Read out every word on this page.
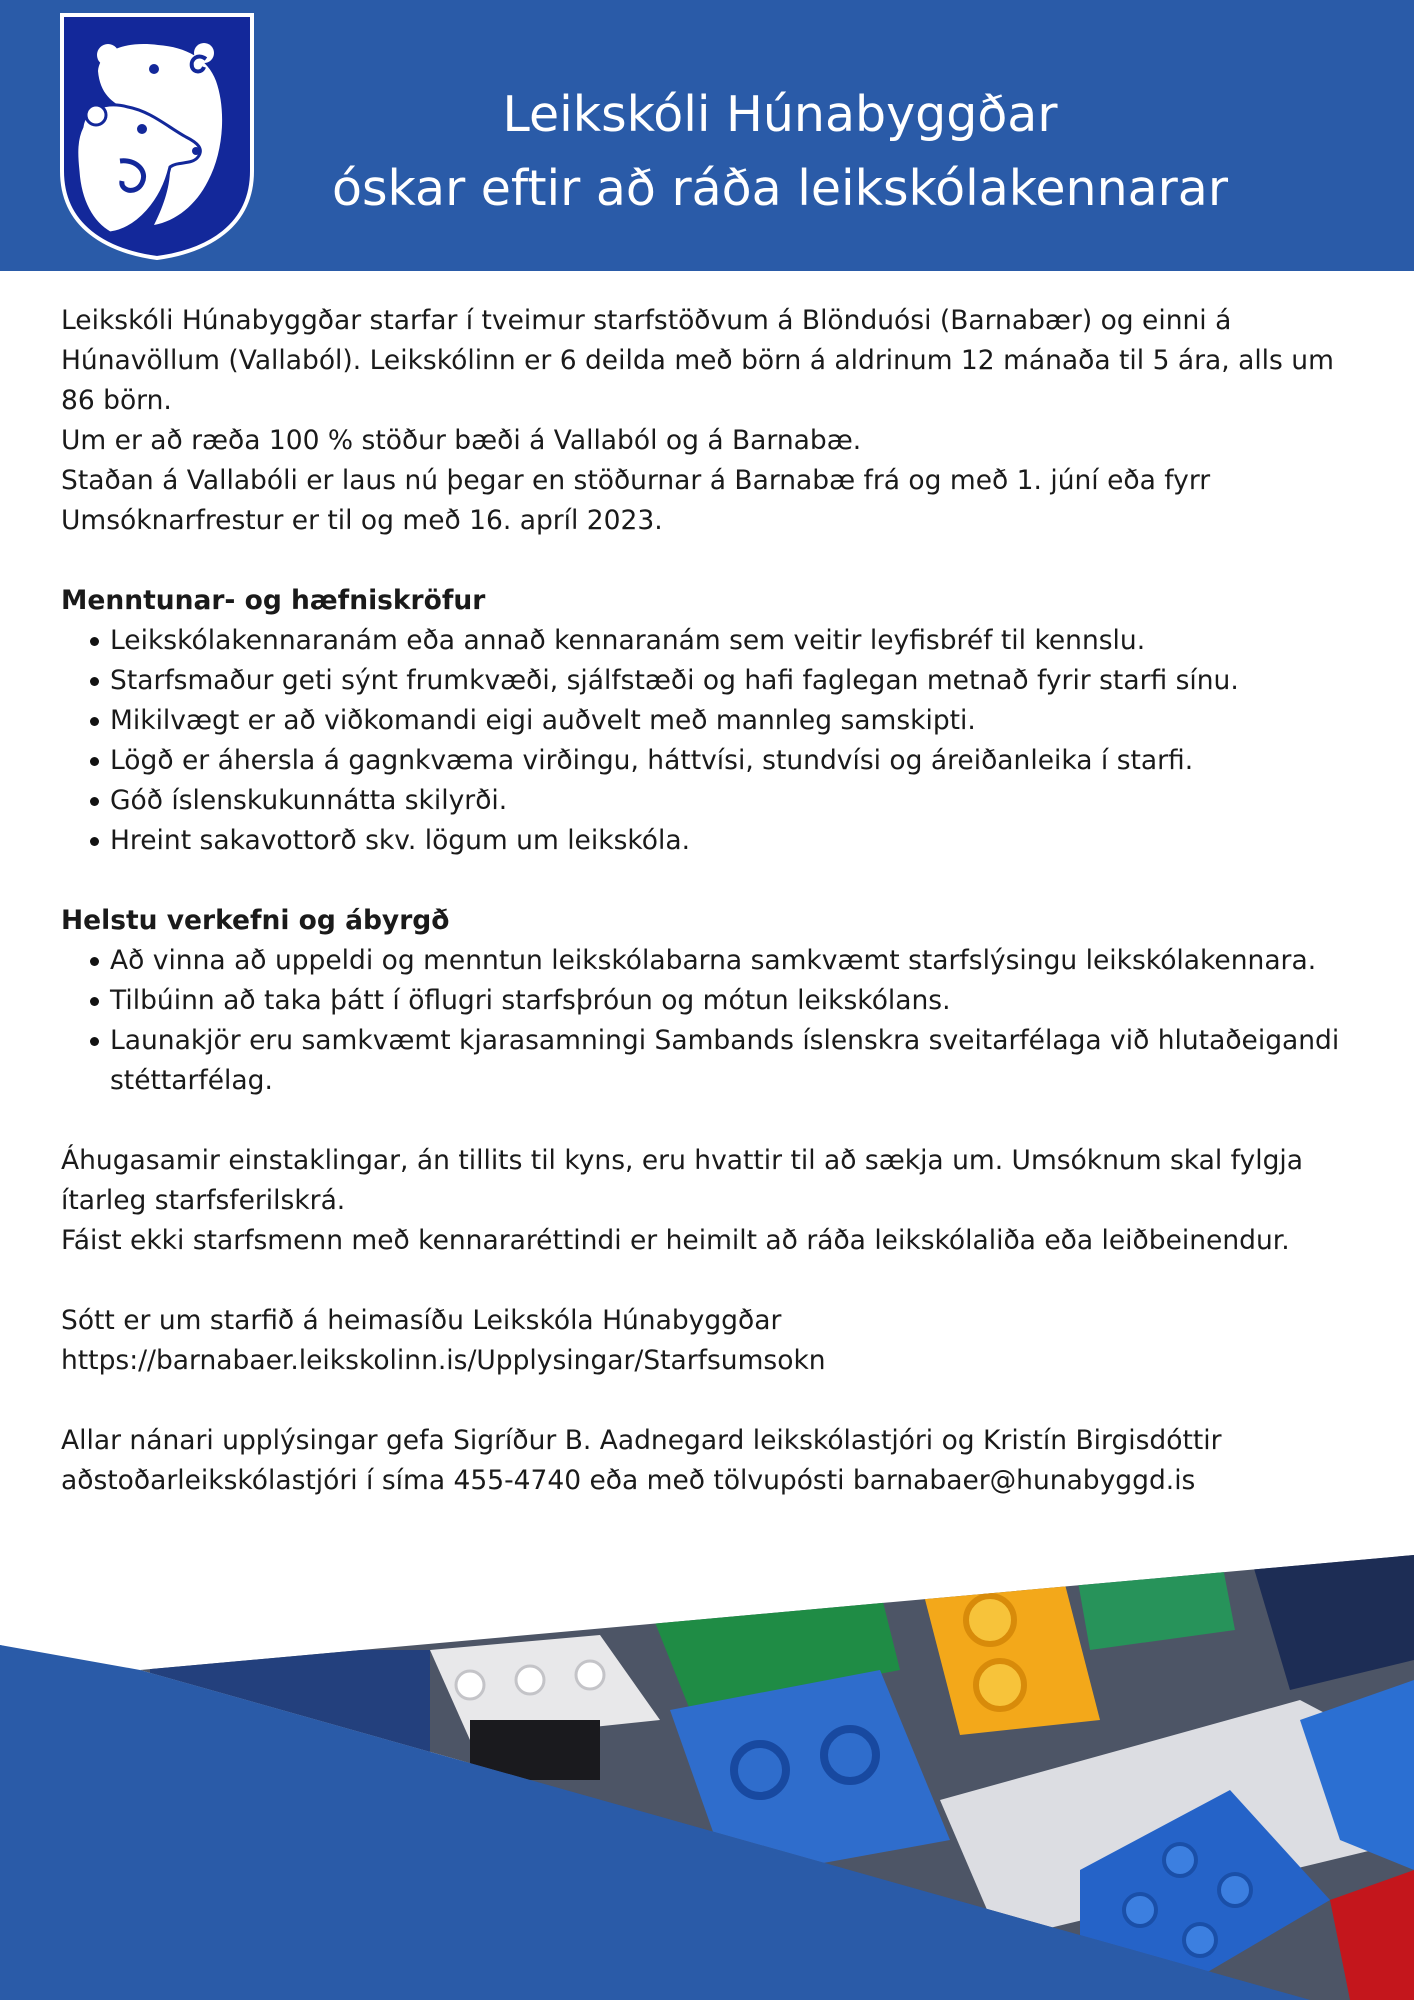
Leikskóli Húnabyggðar
óskar eftir að ráða leikskólakennarar

Leikskóli Húnabyggðar starfar í tveimur starfstöðvum á Blönduósi (Barnabær) og einni á

Húnavöllum (Vallaból). Leikskólinn er 6 deilda með börn á aldrinum 12 mánaða til 5 ára, alls um

86 börn.

Um er að ræða 100 % stöður bæði á Vallaból og á Barnabæ.

Staðan á Vallabóli er laus nú þegar en stöðurnar á Barnabæ frá og með 1. júní eða fyrr

Umsóknarfrestur er til og með 16. apríl 2023.

Menntunar- og hæfniskröfur

Leikskólakennaranám eða annað kennaranám sem veitir leyfisbréf til kennslu.
Starfsmaður geti sýnt frumkvæði, sjálfstæði og hafi faglegan metnað fyrir starfi sínu.
Mikilvægt er að viðkomandi eigi auðvelt með mannleg samskipti.
Lögð er áhersla á gagnkvæma virðingu, háttvísi, stundvísi og áreiðanleika í starfi.
Góð íslenskukunnátta skilyrði.
Hreint sakavottorð skv. lögum um leikskóla.

Helstu verkefni og ábyrgð

Að vinna að uppeldi og menntun leikskólabarna samkvæmt starfslýsingu leikskólakennara.
Tilbúinn að taka þátt í öflugri starfsþróun og mótun leikskólans.
Launakjör eru samkvæmt kjarasamningi Sambands íslenskra sveitarfélaga við hlutaðeigandi
stéttarfélag.

Áhugasamir einstaklingar, án tillits til kyns, eru hvattir til að sækja um. Umsóknum skal fylgja

ítarleg starfsferilskrá.

Fáist ekki starfsmenn með kennararéttindi er heimilt að ráða leikskólaliða eða leiðbeinendur.

Sótt er um starfið á heimasíðu Leikskóla Húnabyggðar

https://barnabaer.leikskolinn.is/Upplysingar/Starfsumsokn

Allar nánari upplýsingar gefa Sigríður B. Aadnegard leikskólastjóri og Kristín Birgisdóttir

aðstoðarleikskólastjóri í síma 455-4740 eða með tölvupósti barnabaer@hunabyggd.is
